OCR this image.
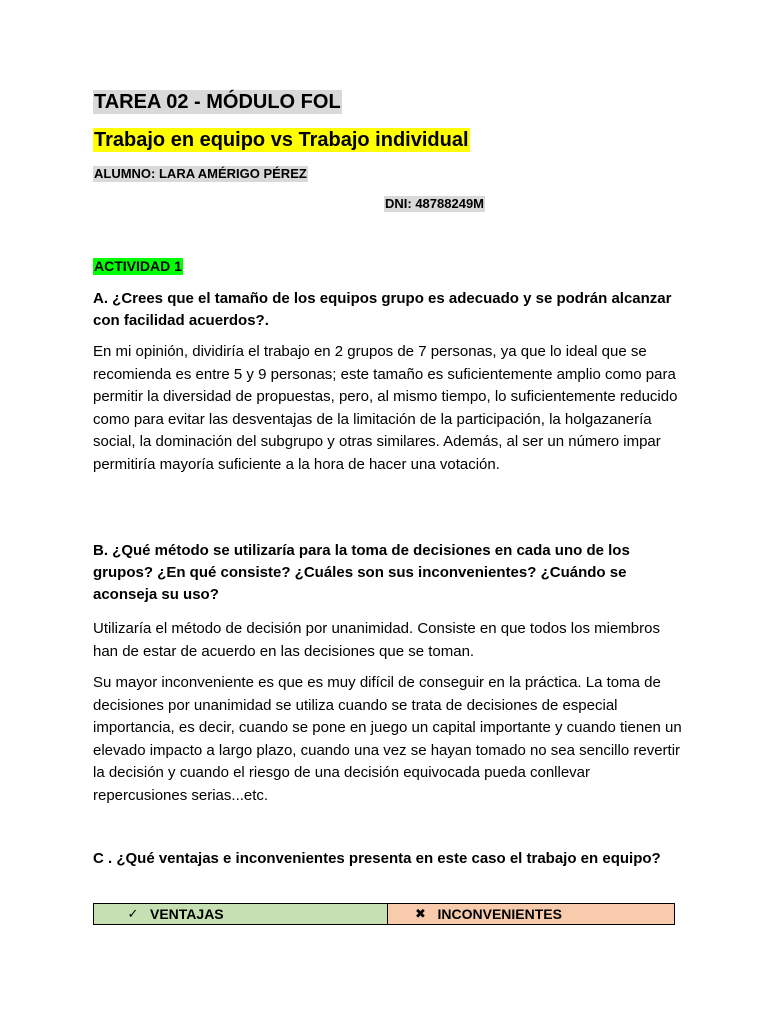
TAREA 02 - MÓDULO FOL
Trabajo en equipo vs Trabajo individual
ALUMNO: LARA AMÉRIGO PÉREZ
DNI: 48788249M
ACTIVIDAD 1
A. ¿Crees que el tamaño de los equipos grupo es adecuado y se podrán alcanzar con facilidad acuerdos?.
En mi opinión, dividiría el trabajo en 2 grupos de 7 personas, ya que lo ideal que se recomienda es entre 5 y 9 personas; este tamaño es suficientemente amplio como para permitir la diversidad de propuestas, pero, al mismo tiempo, lo suficientemente reducido como para evitar las desventajas de la limitación de la participación, la holgazanería social, la dominación del subgrupo y otras similares. Además, al ser un número impar permitiría mayoría suficiente a la hora de hacer una votación.
B. ¿Qué método se utilizaría para la toma de decisiones en cada uno de los grupos? ¿En qué consiste? ¿Cuáles son sus inconvenientes? ¿Cuándo se aconseja su uso?
Utilizaría el método de decisión por unanimidad. Consiste en que todos los miembros han de estar de acuerdo en las decisiones que se toman.
Su mayor inconveniente es que es muy difícil de conseguir en la práctica. La toma de decisiones por unanimidad se utiliza cuando se trata de decisiones de especial importancia, es decir, cuando se pone en juego un capital importante y cuando tienen un elevado impacto a largo plazo, cuando una vez se hayan tomado no sea sencillo revertir la decisión y cuando el riesgo de una decisión equivocada pueda conllevar repercusiones serias...etc.
C . ¿Qué ventajas e inconvenientes presenta en este caso el trabajo en equipo?
✓ VENTAJAS	✖ INCONVENIENTES
